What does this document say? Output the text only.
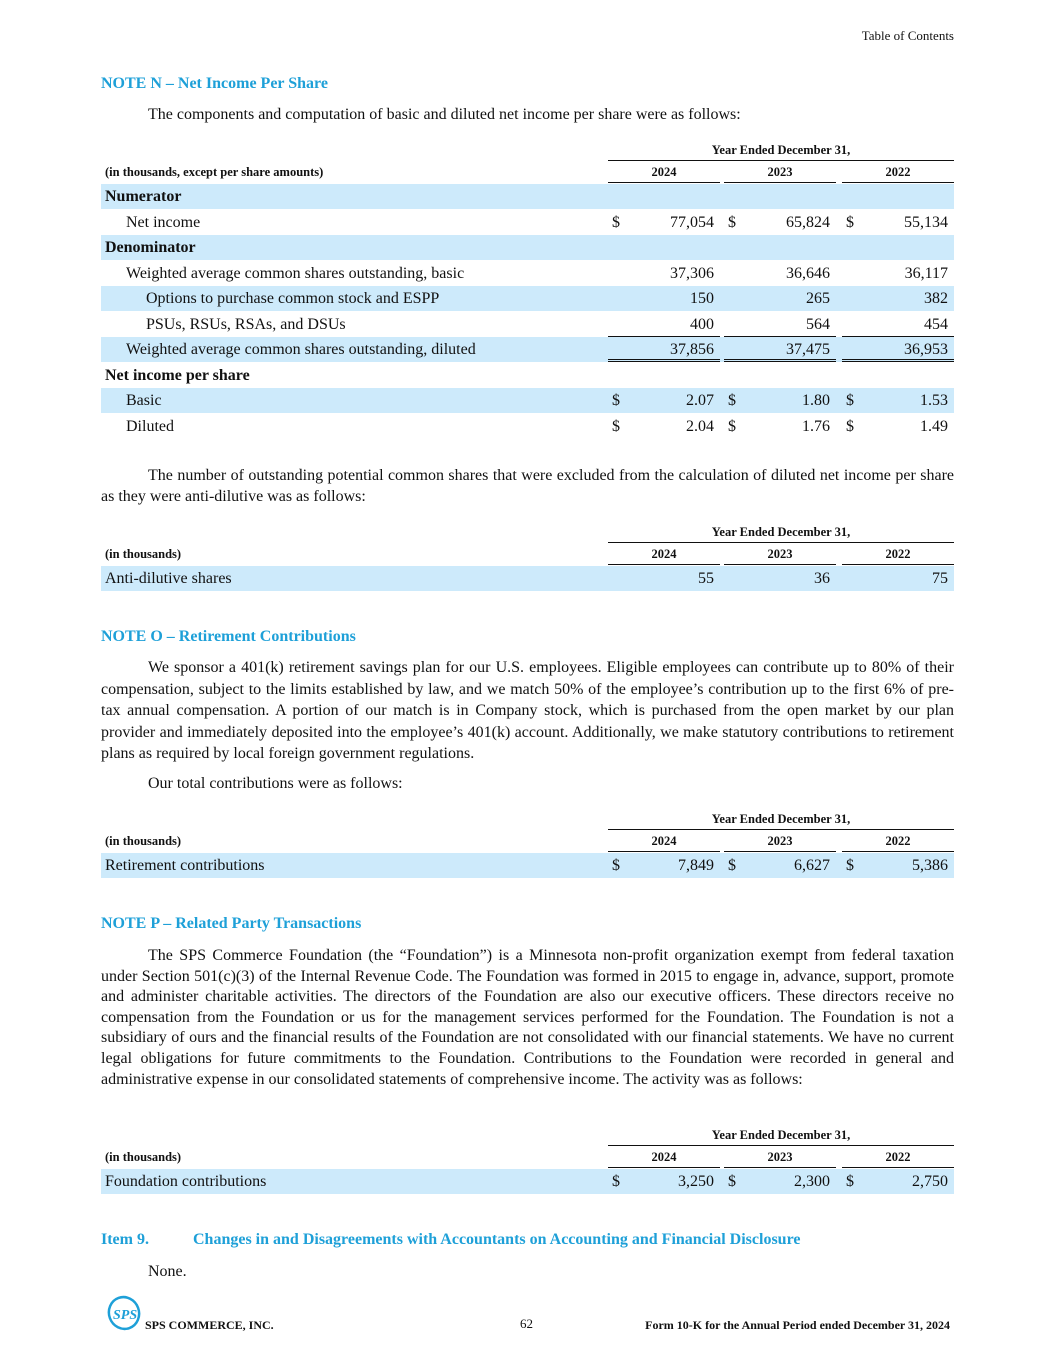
Table of Contents
NOTE N – Net Income Per Share
The components and computation of basic and diluted net income per share were as follows:
Year Ended December 31,
(in thousands, except per share amounts)	2024	2023	2022
Numerator
Net income	$	77,054 $	65,824 $	55,134
Denominator
Weighted average common shares outstanding, basic	37,306	36,646	36,117
Options to purchase common stock and ESPP	150	265	382
PSUs, RSUs, RSAs, and DSUs	400	564	454
Weighted average common shares outstanding, diluted	37,856	37,475	36,953
Net income per share
Basic	$	2.07 $	1.80 $	1.53
Diluted	$	2.04 $	1.76 $	1.49
The number of outstanding potential common shares that were excluded from the calculation of diluted net income per share as they were anti-dilutive was as follows:
Year Ended December 31,
(in thousands)	2024	2023	2022
Anti-dilutive shares	55	36	75
NOTE O – Retirement Contributions
We sponsor a 401(k) retirement savings plan for our U.S. employees. Eligible employees can contribute up to 80% of their compensation, subject to the limits established by law, and we match 50% of the employee’s contribution up to the first 6% of pre-tax annual compensation. A portion of our match is in Company stock, which is purchased from the open market by our plan provider and immediately deposited into the employee’s 401(k) account. Additionally, we make statutory contributions to retirement plans as required by local foreign government regulations.
Our total contributions were as follows:
Year Ended December 31,
(in thousands)	2024	2023	2022
Retirement contributions	$	7,849 $	6,627 $	5,386
NOTE P – Related Party Transactions
The SPS Commerce Foundation (the “Foundation”) is a Minnesota non-profit organization exempt from federal taxation under Section 501(c)(3) of the Internal Revenue Code. The Foundation was formed in 2015 to engage in, advance, support, promote and administer charitable activities. The directors of the Foundation are also our executive officers. These directors receive no compensation from the Foundation or us for the management services performed for the Foundation. The Foundation is not a subsidiary of ours and the financial results of the Foundation are not consolidated with our financial statements. We have no current legal obligations for future commitments to the Foundation. Contributions to the Foundation were recorded in general and administrative expense in our consolidated statements of comprehensive income. The activity was as follows:
Year Ended December 31,
(in thousands)	2024	2023	2022
Foundation contributions	$	3,250 $	2,300 $	2,750
Item 9.	Changes in and Disagreements with Accountants on Accounting and Financial Disclosure
None.
SPS
SPS COMMERCE, INC.	62	Form 10-K for the Annual Period ended December 31, 2024
